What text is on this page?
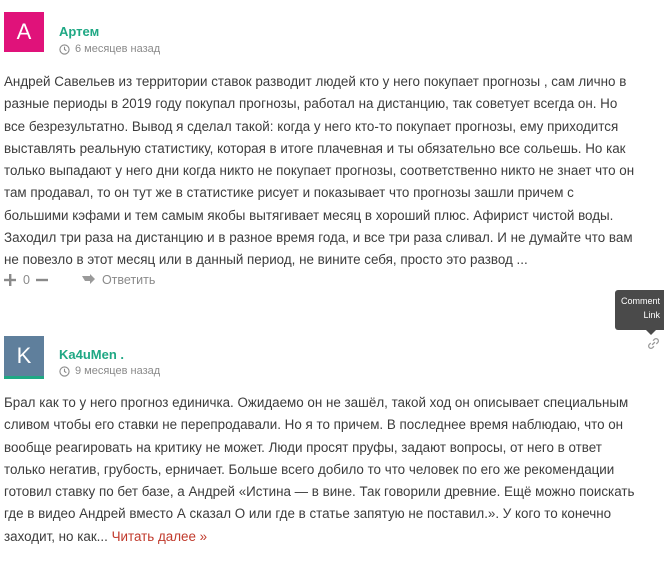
А	Артем
6 месяцев назад

Андрей Савельев из территории ставок разводит людей кто у него покупает прогнозы , сам лично в разные периоды в 2019 году покупал прогнозы, работал на дистанцию, так советует всегда он. Но все безрезультатно. Вывод я сделал такой: когда у него кто-то покупает прогнозы, ему приходится выставлять реальную статистику, которая в итоге плачевная и ты обязательно все сольешь. Но как только выпадают у него дни когда никто не покупает прогнозы, соответственно никто не знает что он там продавал, то он тут же в статистике рисует и показывает что прогнозы зашли причем с большими кэфами и тем самым якобы вытягивает месяц в хороший плюс. Афирист чистой воды. Заходил три раза на дистанцию и в разное время года, и все три раза сливал. И не думайте что вам не повезло в этот месяц или в данный период, не вините себя, просто это развод ...

0	Ответить
Comment
Link
K	Ka4uMen .
9 месяцев назад

Брал как то у него прогноз единичка. Ожидаемо он не зашёл, такой ход он описывает специальным сливом чтобы его ставки не перепродавали. Но я то причем. В последнее время наблюдаю, что он вообще реагировать на критику не может. Люди просят пруфы, задают вопросы, от него в ответ только негатив, грубость, ерничает. Больше всего добило то что человек по его же рекомендации готовил ставку по бет базе, а Андрей «Истина — в вине. Так говорили древние. Ещё можно поискать где в видео Андрей вместо А сказал О или где в статье запятую не поставил.». У кого то конечно заходит, но как... Читать далее »
